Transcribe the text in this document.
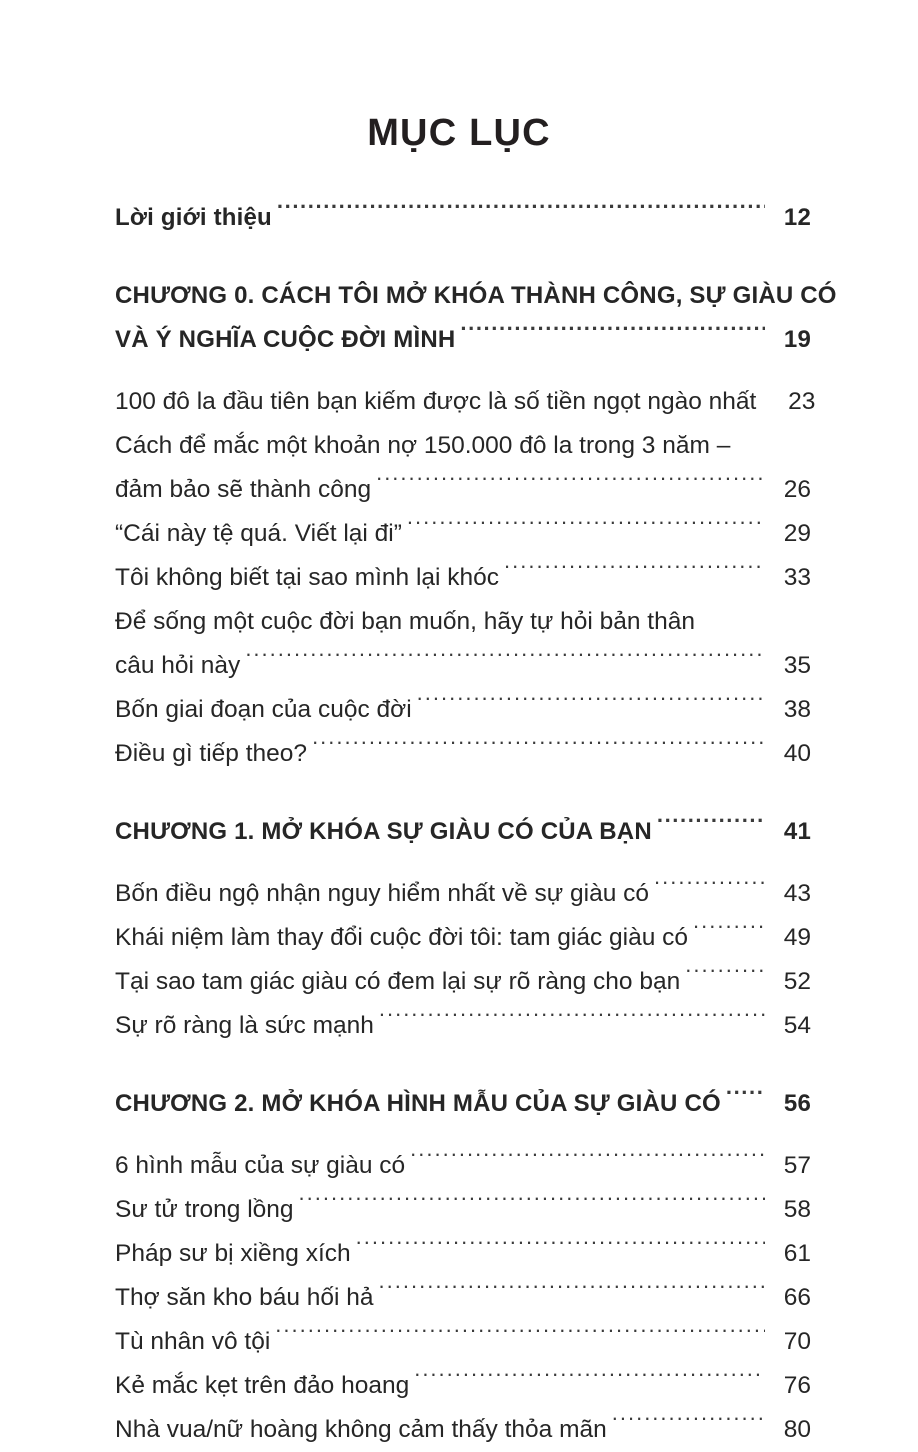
MỤC LỤC
Lời giới thiệu .....	12
CHƯƠNG 0. CÁCH TÔI MỞ KHÓA THÀNH CÔNG, SỰ GIÀU CÓ
VÀ Ý NGHĨA CUỘC ĐỜI MÌNH .....	19
100 đô la đầu tiên bạn kiếm được là số tiền ngọt ngào nhất	23
Cách để mắc một khoản nợ 150.000 đô la trong 3 năm –
đảm bảo sẽ thành công .....	26
“Cái này tệ quá. Viết lại đi” .....	29
Tôi không biết tại sao mình lại khóc .....	33
Để sống một cuộc đời bạn muốn, hãy tự hỏi bản thân
câu hỏi này .....	35
Bốn giai đoạn của cuộc đời .....	38
Điều gì tiếp theo? .....	40
CHƯƠNG 1. MỞ KHÓA SỰ GIÀU CÓ CỦA BẠN .....	41
Bốn điều ngộ nhận nguy hiểm nhất về sự giàu có .....	43
Khái niệm làm thay đổi cuộc đời tôi: tam giác giàu có .....	49
Tại sao tam giác giàu có đem lại sự rõ ràng cho bạn .....	52
Sự rõ ràng là sức mạnh .....	54
CHƯƠNG 2. MỞ KHÓA HÌNH MẪU CỦA SỰ GIÀU CÓ .....	56
6 hình mẫu của sự giàu có .....	57
Sư tử trong lồng .....	58
Pháp sư bị xiềng xích .....	61
Thợ săn kho báu hối hả .....	66
Tù nhân vô tội .....	70
Kẻ mắc kẹt trên đảo hoang .....	76
Nhà vua/nữ hoàng không cảm thấy thỏa mãn .....	80
